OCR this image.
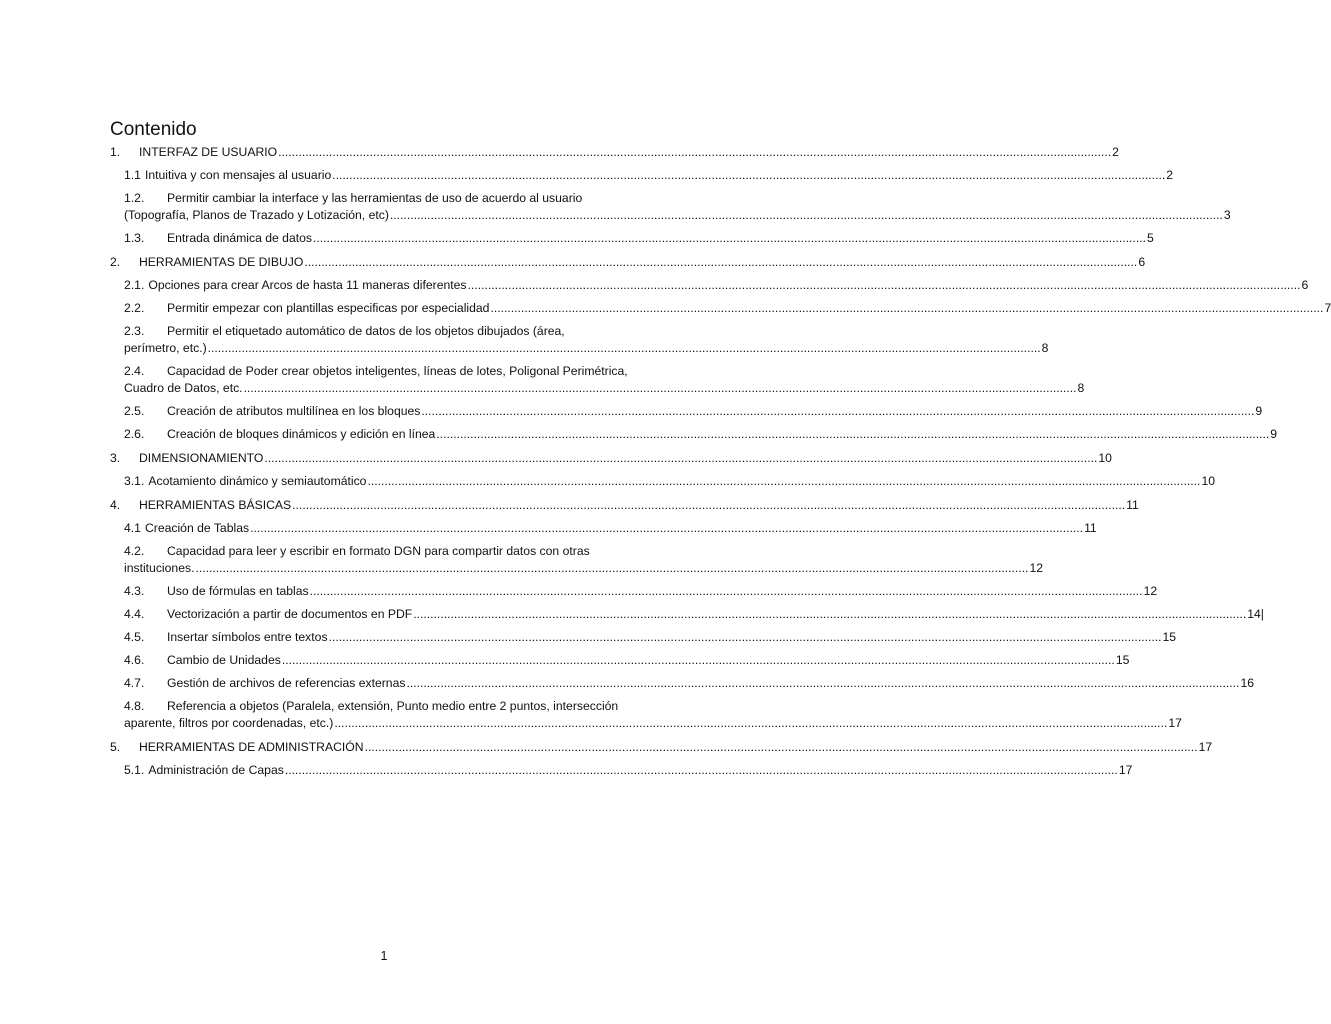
Contenido
1.	INTERFAZ DE USUARIO .....	2
1.1 Intuitiva y con mensajes al usuario .....	2
1.2. Permitir cambiar la interface y las herramientas de uso de acuerdo al usuario
(Topografía, Planos de Trazado y Lotización, etc) .....	3
1.3.	Entrada dinámica de datos .....	5
2.	HERRAMIENTAS DE DIBUJO .....	6
2.1. Opciones para crear Arcos de hasta 11 maneras diferentes .....	6
2.2.	Permitir empezar con plantillas especificas por especialidad .....	7
2.3. Permitir el etiquetado automático de datos de los objetos dibujados (área,
perímetro, etc.) .....	8
2.4. Capacidad de Poder crear objetos inteligentes, líneas de lotes, Poligonal Perimétrica,
Cuadro de Datos, etc. .....	8
2.5.	Creación de atributos multilínea en los bloques .....	9
2.6.	Creación de bloques dinámicos y edición en línea .....	9
3.	DIMENSIONAMIENTO .....	10
3.1. Acotamiento dinámico y semiautomático .....	10
4.	HERRAMIENTAS BÁSICAS .....	11
4.1 Creación de Tablas .....	11
4.2. Capacidad para leer y escribir en formato DGN para compartir datos con otras
instituciones. .....	12
4.3.	Uso de fórmulas en tablas .....	12
4.4.	Vectorización a partir de documentos en PDF .....	14|
4.5.	Insertar símbolos entre textos .....	15
4.6.	Cambio de Unidades .....	15
4.7.	Gestión de archivos de referencias externas .....	16
4.8. Referencia a objetos (Paralela, extensión, Punto medio entre 2 puntos, intersección
aparente, filtros por coordenadas, etc.) .....	17
5.	HERRAMIENTAS DE ADMINISTRACIÓN .....	17
5.1. Administración de Capas .....	17
1
